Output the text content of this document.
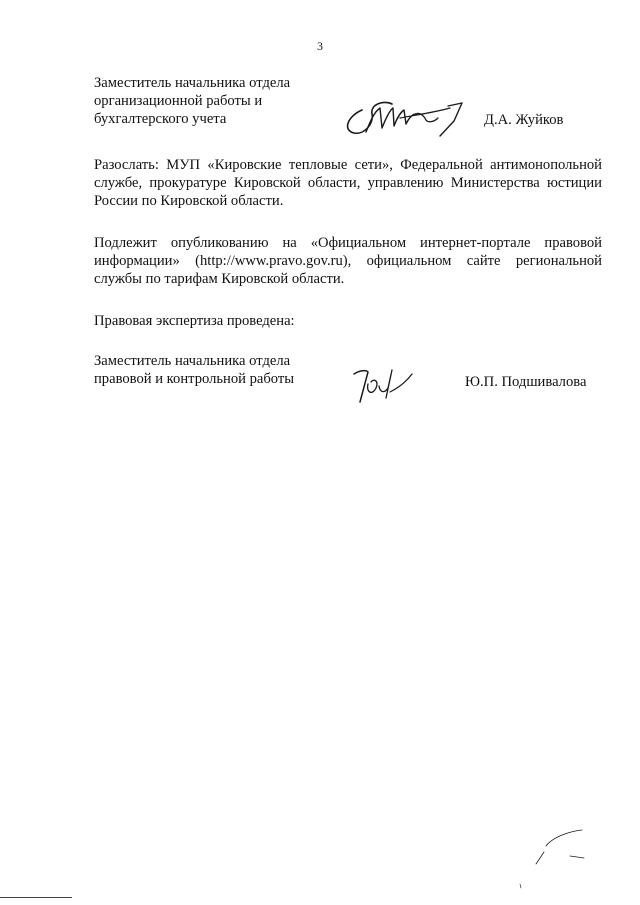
3
Заместитель начальника отдела
организационной работы и
бухгалтерского учета	Д.А. Жуйков
Разослать: МУП «Кировские тепловые сети», Федеральной антимонопольной службе, прокуратуре Кировской области, управлению Министерства юстиции России по Кировской области.
Подлежит опубликованию на «Официальном интернет-портале правовой информации» (http://www.pravo.gov.ru), официальном сайте региональной службы по тарифам Кировской области.
Правовая экспертиза проведена:
Заместитель начальника отдела
правовой и контрольной работы	Ю.П. Подшивалова
